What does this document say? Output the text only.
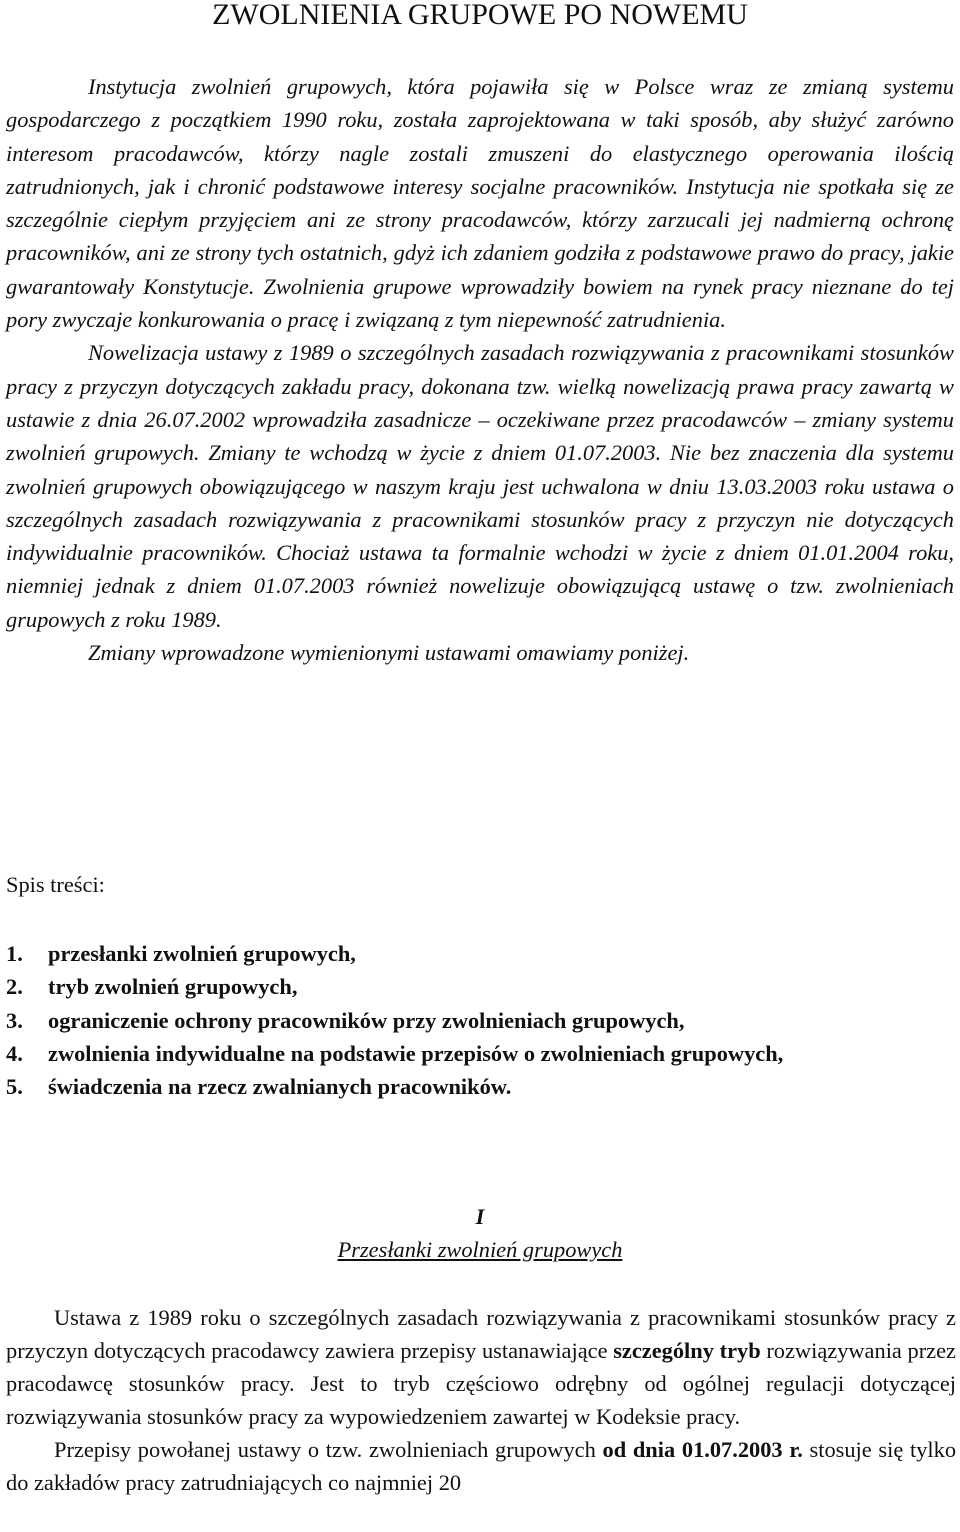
ZWOLNIENIA GRUPOWE PO NOWEMU

Instytucja zwolnień grupowych, która pojawiła się w Polsce wraz ze zmianą systemu gospodarczego z początkiem 1990 roku, została zaprojektowana w taki sposób, aby służyć zarówno interesom pracodawców, którzy nagle zostali zmuszeni do elastycznego operowania ilością zatrudnionych, jak i chronić podstawowe interesy socjalne pracowników. Instytucja nie spotkała się ze szczególnie ciepłym przyjęciem ani ze strony pracodawców, którzy zarzucali jej nadmierną ochronę pracowników, ani ze strony tych ostatnich, gdyż ich zdaniem godziła z podstawowe prawo do pracy, jakie gwarantowały Konstytucje. Zwolnienia grupowe wprowadziły bowiem na rynek pracy nieznane do tej pory zwyczaje konkurowania o pracę i związaną z tym niepewność zatrudnienia.

Nowelizacja ustawy z 1989 o szczególnych zasadach rozwiązywania z pracownikami stosunków pracy z przyczyn dotyczących zakładu pracy, dokonana tzw. wielką nowelizacją prawa pracy zawartą w ustawie z dnia 26.07.2002 wprowadziła zasadnicze – oczekiwane przez pracodawców – zmiany systemu zwolnień grupowych. Zmiany te wchodzą w życie z dniem 01.07.2003. Nie bez znaczenia dla systemu zwolnień grupowych obowiązującego w naszym kraju jest uchwalona w dniu 13.03.2003 roku ustawa o szczególnych zasadach rozwiązywania z pracownikami stosunków pracy z przyczyn nie dotyczących indywidualnie pracowników. Chociaż ustawa ta formalnie wchodzi w życie z dniem 01.01.2004 roku, niemniej jednak z dniem 01.07.2003 również nowelizuje obowiązującą ustawę o tzw. zwolnieniach grupowych z roku 1989.

Zmiany wprowadzone wymienionymi ustawami omawiamy poniżej.

Spis treści:

1.	przesłanki zwolnień grupowych,
2.	tryb zwolnień grupowych,
3.	ograniczenie ochrony pracowników przy zwolnieniach grupowych,
4.	zwolnienia indywidualne na podstawie przepisów o zwolnieniach grupowych,
5.	świadczenia na rzecz zwalnianych pracowników.

I

Przesłanki zwolnień grupowych

Ustawa z 1989 roku o szczególnych zasadach rozwiązywania z pracownikami stosunków pracy z przyczyn dotyczących pracodawcy zawiera przepisy ustanawiające szczególny tryb rozwiązywania przez pracodawcę stosunków pracy. Jest to tryb częściowo odrębny od ogólnej regulacji dotyczącej rozwiązywania stosunków pracy za wypowiedzeniem zawartej w Kodeksie pracy.

Przepisy powołanej ustawy o tzw. zwolnieniach grupowych od dnia 01.07.2003 r. stosuje się tylko do zakładów pracy zatrudniających co najmniej 20
